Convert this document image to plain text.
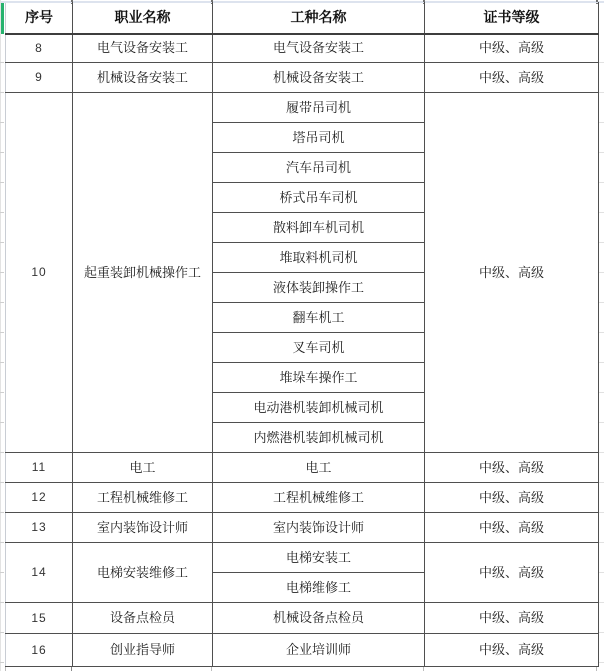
序号	职业名称	工种名称	证书等级
8	电气设备安装工	电气设备安装工	中级、高级
9	机械设备安装工	机械设备安装工	中级、高级
10	起重装卸机械操作工	履带吊司机	中级、高级
		塔吊司机	
		汽车吊司机	
		桥式吊车司机	
		散料卸车机司机	
		堆取料机司机	
		液体装卸操作工	
		翻车机工	
		叉车司机	
		堆垛车操作工	
		电动港机装卸机械司机	
		内燃港机装卸机械司机	
11	电工	电工	中级、高级
12	工程机械维修工	工程机械维修工	中级、高级
13	室内装饰设计师	室内装饰设计师	中级、高级
14	电梯安装维修工	电梯安装工	中级、高级
		电梯维修工	
15	设备点检员	机械设备点检员	中级、高级
16	创业指导师	企业培训师	中级、高级
